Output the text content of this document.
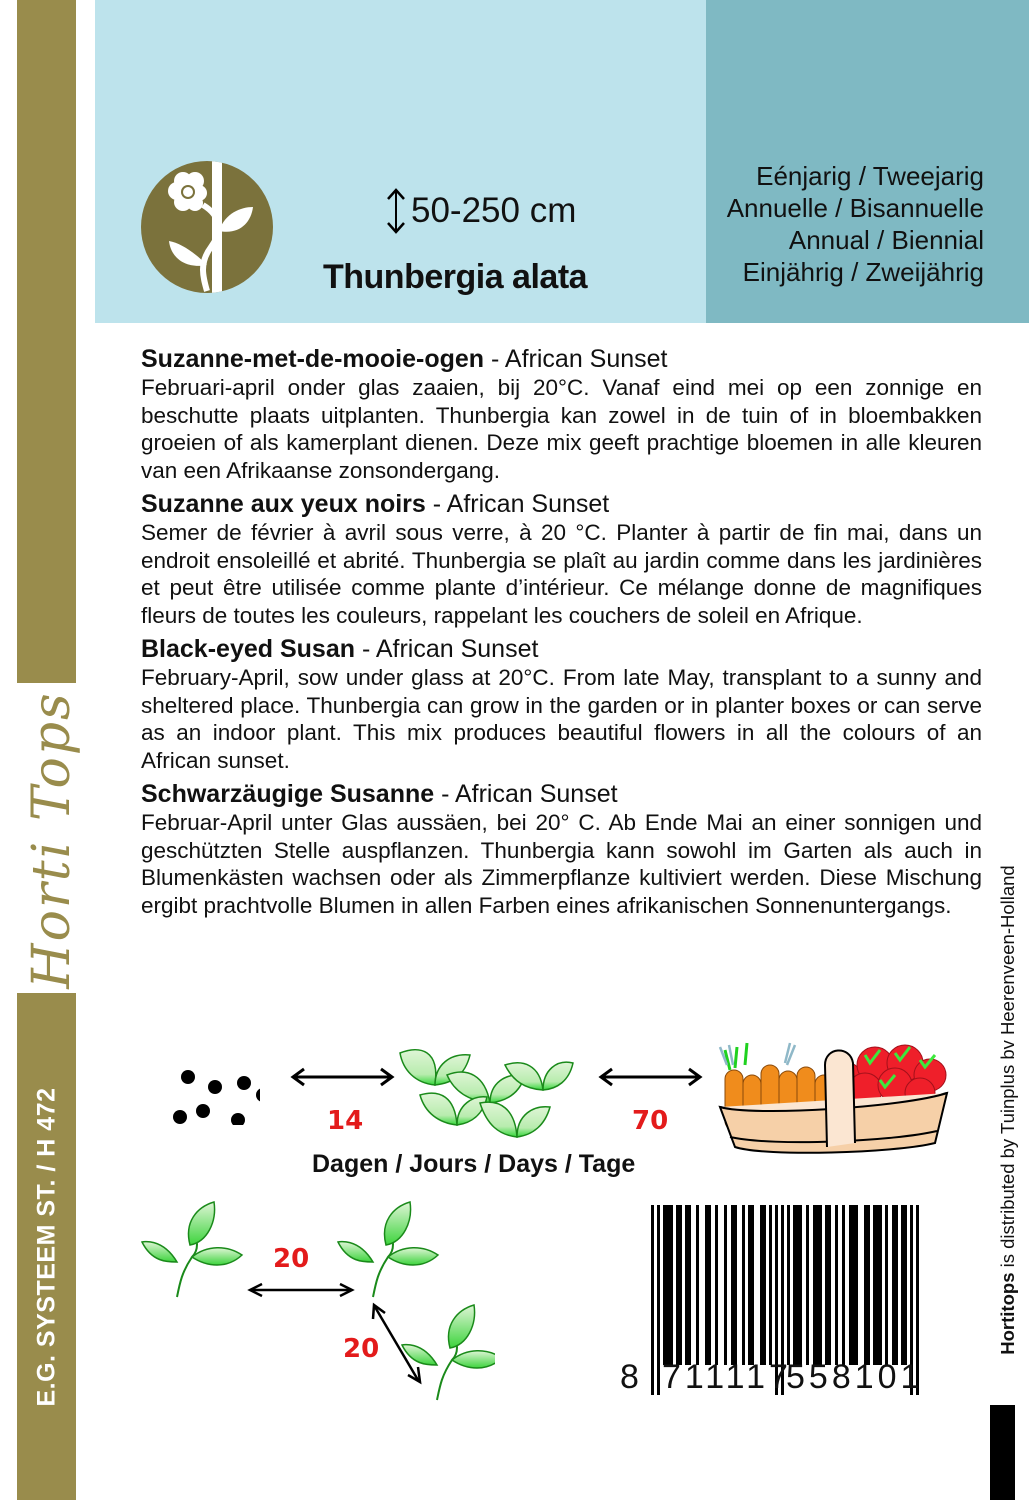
Horti Tops
E.G. SYSTEEM ST. / H 472
50-250 cm
Thunbergia alata
Eénjarig / Tweejarig
Annuelle / Bisannuelle
Annual / Biennial
Einjährig / Zweijährig
Suzanne-met-de-mooie-ogen - African Sunset
Februari-april onder glas zaaien, bij 20°C. Vanaf eind mei op een zonnige en beschutte plaats uitplanten. Thunbergia kan zowel in de tuin of in bloembakken groeien of als kamerplant dienen. Deze mix geeft prachtige bloemen in alle kleuren van een Afrikaanse zonsondergang.
Suzanne aux yeux noirs - African Sunset
Semer de février à avril sous verre, à 20 °C. Planter à partir de fin mai, dans un endroit ensoleillé et abrité. Thunbergia se plaît au jardin comme dans les jardinières et peut être utilisée comme plante d’intérieur. Ce mélange donne de magnifiques fleurs de toutes les couleurs, rappelant les couchers de soleil en Afrique.
Black-eyed Susan - African Sunset
February-April, sow under glass at 20°C. From late May, transplant to a sunny and sheltered place. Thunbergia can grow in the garden or in planter boxes or can serve as an indoor plant. This mix produces beautiful flowers in all the colours of an African sunset.
Schwarzäugige Susanne - African Sunset
Februar-April unter Glas aussäen, bei 20° C. Ab Ende Mai an einer sonnigen und geschützten Stelle auspflanzen. Thunbergia kann sowohl im Garten als auch in Blumenkästen wachsen oder als Zimmerpflanze kultiviert werden. Diese Mischung ergibt prachtvolle Blumen in allen Farben eines afrikanischen Sonnenuntergangs.
14	70
Dagen / Jours / Days / Tage
20
20
8 711117
558101
Hortitops is distributed by Tuinplus bv Heerenveen-Holland
